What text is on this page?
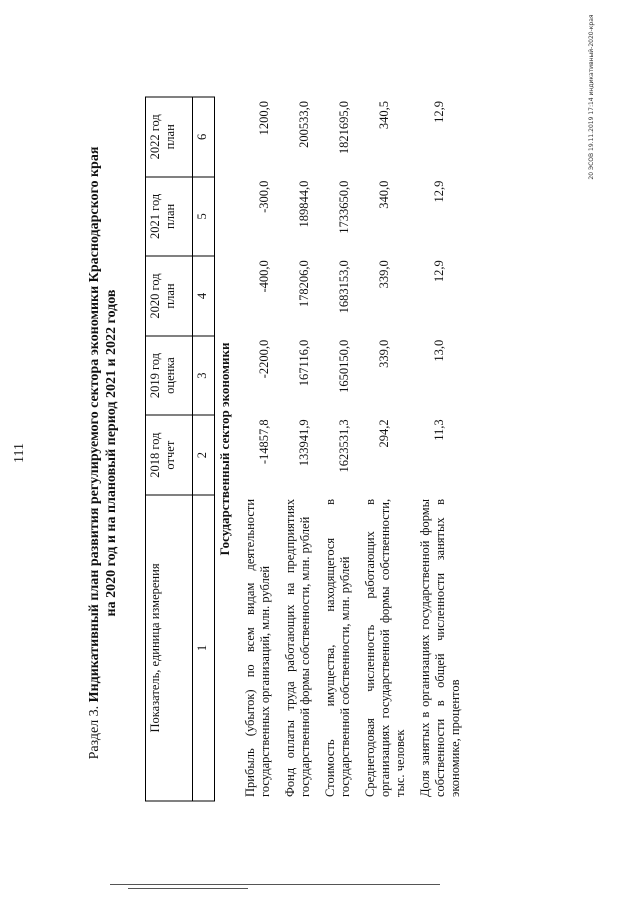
111
Раздел 3. Индикативный план развития регулируемого сектора экономики Краснодарского края на 2020 год и на плановый период 2021 и 2022 годов
Показатель, единица измерения	2018 год отчет	2019 год оценка	2020 год план	2021 год план	2022 год план
1	2	3	4	5	6
Государственный сектор экономики					
Прибыль (убыток) по всем видам деятельности государственных организаций, млн. рублей	-14857,8	-2200,0	-400,0	-300,0	1200,0
Фонд оплаты труда работающих на предприятиях государственной формы собственности, млн. рублей	133941,9	167116,0	178206,0	189844,0	200533,0
Стоимость имущества, находящегося в государственной собственности, млн. рублей	1623531,3	1650150,0	1683153,0	1733650,0	1821695,0
Среднегодовая численность работающих в организациях государственной формы собственности, тыс. человек	294,2	339,0	339,0	340,0	340,5
Доля занятых в организациях государственной формы собственности в общей численности занятых в экономике, процентов	11,3	13,0	12,9	12,9	12,9	20 ЭСОВ 19.11.2019 17:14 индикативный-2020-края
